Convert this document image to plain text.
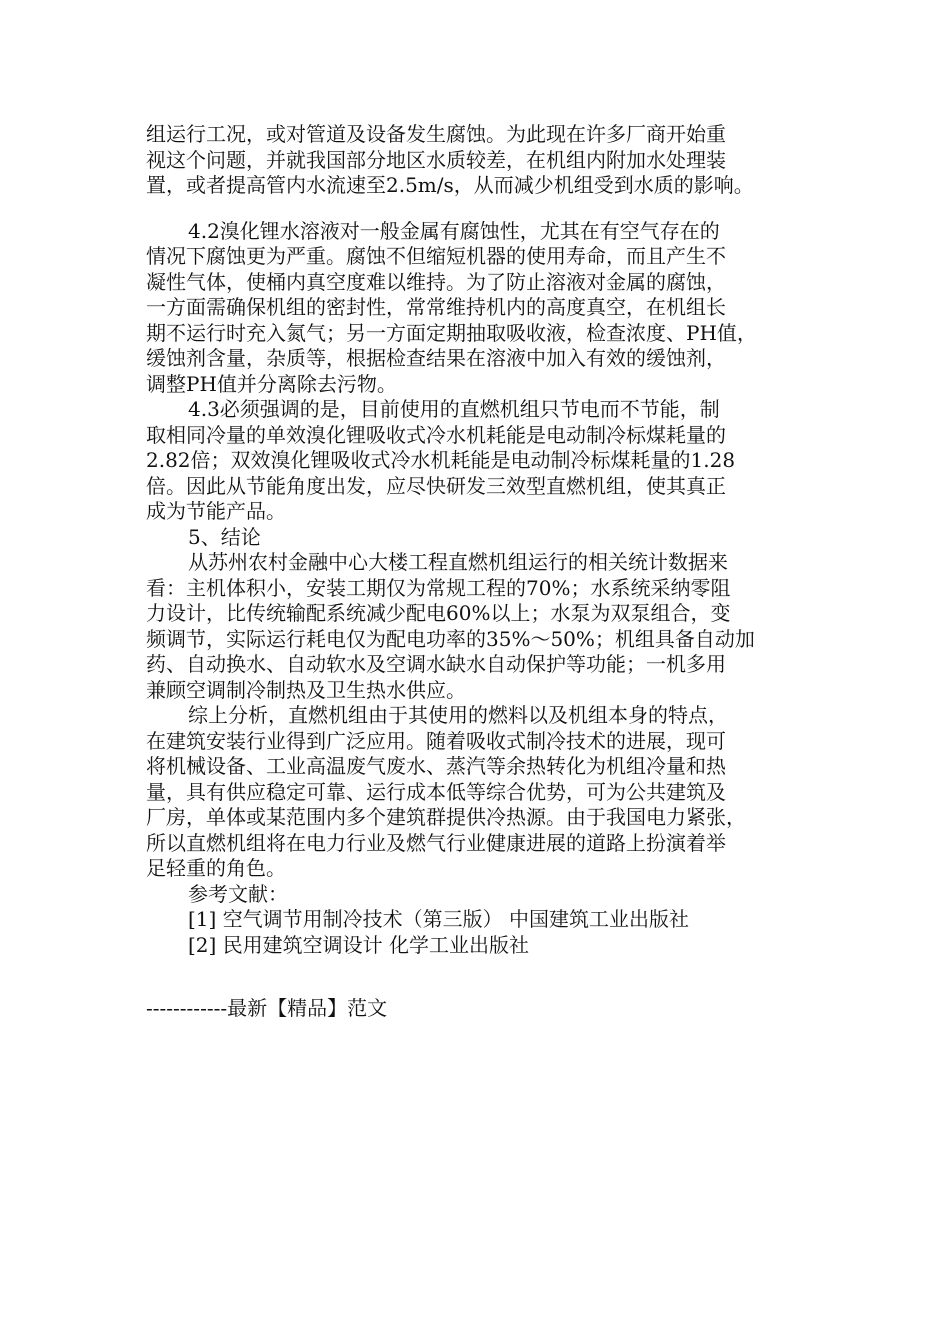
组运行工况，或对管道及设备发生腐蚀。为此现在许多厂商开始重
视这个问题，并就我国部分地区水质较差，在机组内附加水处理装
置，或者提高管内水流速至2.5m/s，从而减少机组受到水质的影响。
4.2溴化锂水溶液对一般金属有腐蚀性，尤其在有空气存在的
情况下腐蚀更为严重。腐蚀不但缩短机器的使用寿命，而且产生不
凝性气体，使桶内真空度难以维持。为了防止溶液对金属的腐蚀，
一方面需确保机组的密封性，常常维持机内的高度真空，在机组长
期不运行时充入氮气；另一方面定期抽取吸收液，检查浓度、PH值，
缓蚀剂含量，杂质等，根据检查结果在溶液中加入有效的缓蚀剂，
调整PH值并分离除去污物。
4.3必须强调的是，目前使用的直燃机组只节电而不节能，制
取相同冷量的单效溴化锂吸收式冷水机耗能是电动制冷标煤耗量的
2.82倍；双效溴化锂吸收式冷水机耗能是电动制冷标煤耗量的1.28
倍。因此从节能角度出发，应尽快研发三效型直燃机组，使其真正
成为节能产品。
5、结论
从苏州农村金融中心大楼工程直燃机组运行的相关统计数据来
看：主机体积小，安装工期仅为常规工程的70%；水系统采纳零阻
力设计，比传统输配系统减少配电60%以上；水泵为双泵组合，变
频调节，实际运行耗电仅为配电功率的35%～50%；机组具备自动加
药、自动换水、自动软水及空调水缺水自动保护等功能；一机多用
兼顾空调制冷制热及卫生热水供应。
综上分析，直燃机组由于其使用的燃料以及机组本身的特点，
在建筑安装行业得到广泛应用。随着吸收式制冷技术的进展，现可
将机械设备、工业高温废气废水、蒸汽等余热转化为机组冷量和热
量，具有供应稳定可靠、运行成本低等综合优势，可为公共建筑及
厂房，单体或某范围内多个建筑群提供冷热源。由于我国电力紧张，
所以直燃机组将在电力行业及燃气行业健康进展的道路上扮演着举
足轻重的角色。
参考文献：
[1] 空气调节用制冷技术（第三版） 中国建筑工业出版社
[2] 民用建筑空调设计 化学工业出版社
------------最新【精品】范文
